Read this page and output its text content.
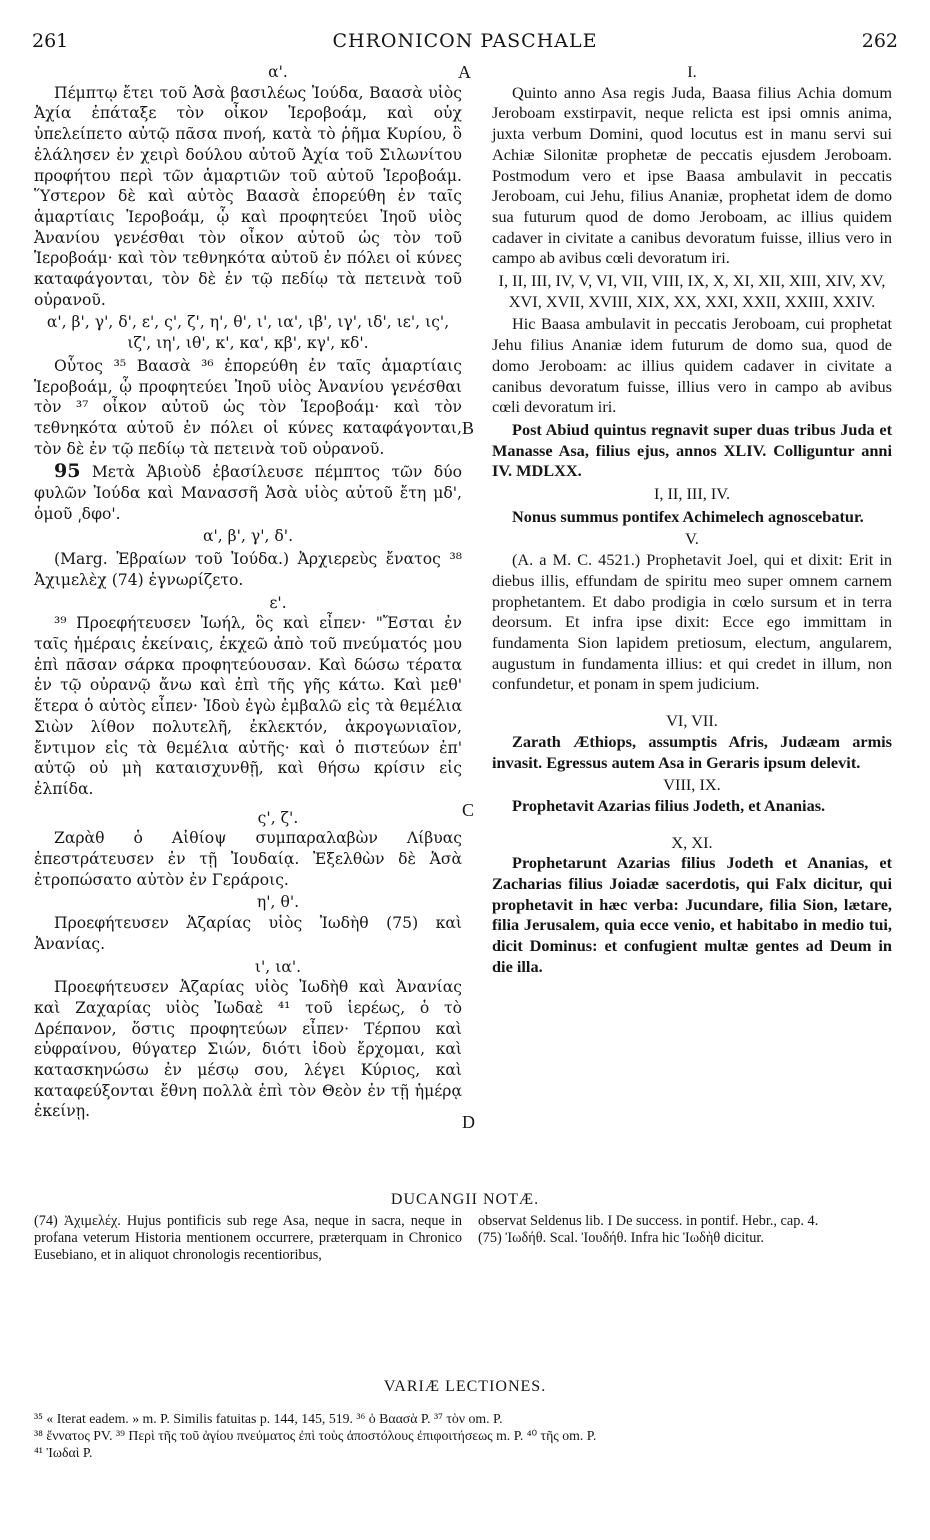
261	CHRONICON PASCHALE	262
A
B
C
D
α'.

Πέμπτῳ ἔτει τοῦ Ἀσὰ βασιλέως Ἰούδα, Βαασὰ υἱὸς Ἀχία ἐπάταξε τὸν οἶκον Ἱεροβοάμ, καὶ οὐχ ὑπελείπετο αὐτῷ πᾶσα πνοή, κατὰ τὸ ῥῆμα Κυρίου, ὃ ἐλάλησεν ἐν χειρὶ δούλου αὐτοῦ Ἀχία τοῦ Σιλωνίτου προφήτου περὶ τῶν ἁμαρτιῶν τοῦ αὐτοῦ Ἱεροβοάμ. Ὕστερον δὲ καὶ αὐτὸς Βαασὰ ἐπορεύθη ἐν ταῖς ἁμαρτίαις Ἱεροβοάμ, ᾧ καὶ προφητεύει Ἰηοῦ υἱὸς Ἀνανίου γενέσθαι τὸν οἶκον αὐτοῦ ὡς τὸν τοῦ Ἱεροβοάμ· καὶ τὸν τεθνηκότα αὐτοῦ ἐν πόλει οἱ κύνες καταφάγονται, τὸν δὲ ἐν τῷ πεδίῳ τὰ πετεινὰ τοῦ οὐρανοῦ.

α', β', γ', δ', ε', ς', ζ', η', θ', ι', ια', ιβ', ιγ', ιδ', ιε', ις', ιζ', ιη', ιθ', κ', κα', κβ', κγ', κδ'.

Οὗτος ³⁵ Βαασὰ ³⁶ ἐπορεύθη ἐν ταῖς ἁμαρτίαις Ἱεροβοάμ, ᾧ προφητεύει Ἰηοῦ υἱὸς Ἀνανίου γενέσθαι τὸν ³⁷ οἶκον αὐτοῦ ὡς τὸν Ἱεροβοάμ· καὶ τὸν τεθνηκότα αὐτοῦ ἐν πόλει οἱ κύνες καταφάγονται, τὸν δὲ ἐν τῷ πεδίῳ τὰ πετεινὰ τοῦ οὐρανοῦ.

95 Μετὰ Ἀβιοὺδ ἐβασίλευσε πέμπτος τῶν δύο φυλῶν Ἰούδα καὶ Μανασσῆ Ἀσὰ υἱὸς αὐτοῦ ἔτη μδ', ὁμοῦ ͵δφο'.

α', β', γ', δ'.

(Marg. Ἑβραίων τοῦ Ἰούδα.) Ἀρχιερεὺς ἔνατος ³⁸ Ἀχιμελὲχ (74) ἐγνωρίζετο.

ε'.

³⁹ Προεφήτευσεν Ἰωήλ, ὃς καὶ εἶπεν· "Ἔσται ἐν ταῖς ἡμέραις ἐκείναις, ἐκχεῶ ἀπὸ τοῦ πνεύματός μου ἐπὶ πᾶσαν σάρκα προφητεύουσαν. Καὶ δώσω τέρατα ἐν τῷ οὐρανῷ ἄνω καὶ ἐπὶ τῆς γῆς κάτω. Καὶ μεθ' ἕτερα ὁ αὐτὸς εἶπεν· Ἰδοὺ ἐγὼ ἐμβαλῶ εἰς τὰ θεμέλια Σιὼν λίθον πολυτελῆ, ἐκλεκτόν, ἀκρογωνιαῖον, ἔντιμον εἰς τὰ θεμέλια αὐτῆς· καὶ ὁ πιστεύων ἐπ' αὐτῷ οὐ μὴ καταισχυνθῇ, καὶ θήσω κρίσιν εἰς ἐλπίδα.

ς', ζ'.

Ζαρὰθ ὁ Αἰθίοψ συμπαραλαβὼν Λίβυας ἐπεστράτευσεν ἐν τῇ Ἰουδαίᾳ. Ἐξελθὼν δὲ Ἀσὰ ἐτροπώσατο αὐτὸν ἐν Γεράροις.

η', θ'.

Προεφήτευσεν Ἀζαρίας υἱὸς Ἰωδὴθ (75) καὶ Ἀνανίας.

ι', ια'.

Προεφήτευσεν Ἀζαρίας υἱὸς Ἰωδὴθ καὶ Ἀνανίας καὶ Ζαχαρίας υἱὸς Ἰωδαὲ ⁴¹ τοῦ ἱερέως, ὁ τὸ Δρέπανον, ὅστις προφητεύων εἶπεν· Τέρπου καὶ εὐφραίνου, θύγατερ Σιών, διότι ἰδοὺ ἔρχομαι, καὶ κατασκηνώσω ἐν μέσῳ σου, λέγει Κύριος, καὶ καταφεύξονται ἔθνη πολλὰ ἐπὶ τὸν Θεὸν ἐν τῇ ἡμέρᾳ ἐκείνῃ.

I.

Quinto anno Asa regis Juda, Baasa filius Achia domum Jeroboam exstirpavit, neque relicta est ipsi omnis anima, juxta verbum Domini, quod locutus est in manu servi sui Achiæ Silonitæ prophetæ de peccatis ejusdem Jeroboam. Postmodum vero et ipse Baasa ambulavit in peccatis Jeroboam, cui Jehu, filius Ananiæ, prophetat idem de domo sua futurum quod de domo Jeroboam, ac illius quidem cadaver in civitate a canibus devoratum fuisse, illius vero in campo ab avibus cœli devoratum iri.

I, II, III, IV, V, VI, VII, VIII, IX, X, XI, XII, XIII, XIV, XV, XVI, XVII, XVIII, XIX, XX, XXI, XXII, XXIII, XXIV.

Hic Baasa ambulavit in peccatis Jeroboam, cui prophetat Jehu filius Ananiæ idem futurum de domo sua, quod de domo Jeroboam: ac illius quidem cadaver in civitate a canibus devoratum fuisse, illius vero in campo ab avibus cœli devoratum iri.

Post Abiud quintus regnavit super duas tribus Juda et Manasse Asa, filius ejus, annos XLIV. Colliguntur anni IV. MDLXX.

I, II, III, IV.

Nonus summus pontifex Achimelech agnoscebatur.

V.

(A. a M. C. 4521.) Prophetavit Joel, qui et dixit: Erit in diebus illis, effundam de spiritu meo super omnem carnem prophetantem. Et dabo prodigia in cœlo sursum et in terra deorsum. Et infra ipse dixit: Ecce ego immittam in fundamenta Sion lapidem pretiosum, electum, angularem, augustum in fundamenta illius: et qui credet in illum, non confundetur, et ponam in spem judicium.

VI, VII.

Zarath Æthiops, assumptis Afris, Judæam armis invasit. Egressus autem Asa in Geraris ipsum delevit.

VIII, IX.

Prophetavit Azarias filius Jodeth, et Ananias.

X, XI.

Prophetarunt Azarias filius Jodeth et Ananias, et Zacharias filius Joiadæ sacerdotis, qui Falx dicitur, qui prophetavit in hæc verba: Jucundare, filia Sion, lætare, filia Jerusalem, quia ecce venio, et habitabo in medio tui, dicit Dominus: et confugient multæ gentes ad Deum in die illa.

DUCANGII NOTÆ.
(74) Ἀχιμελέχ. Hujus pontificis sub rege Asa, neque in sacra, neque in profana veterum Historia mentionem occurrere, præterquam in Chronico Eusebiano, et in aliquot chronologis recentioribus,
observat Seldenus lib. I De success. in pontif. Hebr., cap. 4.
(75) Ἰωδήθ. Scal. Ἰουδήθ. Infra hic Ἰωδὴθ dicitur.
VARIÆ LECTIONES.
³⁵ « Iterat eadem. » m. P. Similis fatuitas p. 144, 145, 519. ³⁶ ὁ Βαασὰ P. ³⁷ τὸν om. P.
³⁸ ἔννατος PV. ³⁹ Περὶ τῆς τοῦ ἁγίου πνεύματος ἐπὶ τοὺς ἀποστόλους ἐπιφοιτήσεως m. P. ⁴⁰ τῆς om. P.
⁴¹ Ἰωδαὶ P.
